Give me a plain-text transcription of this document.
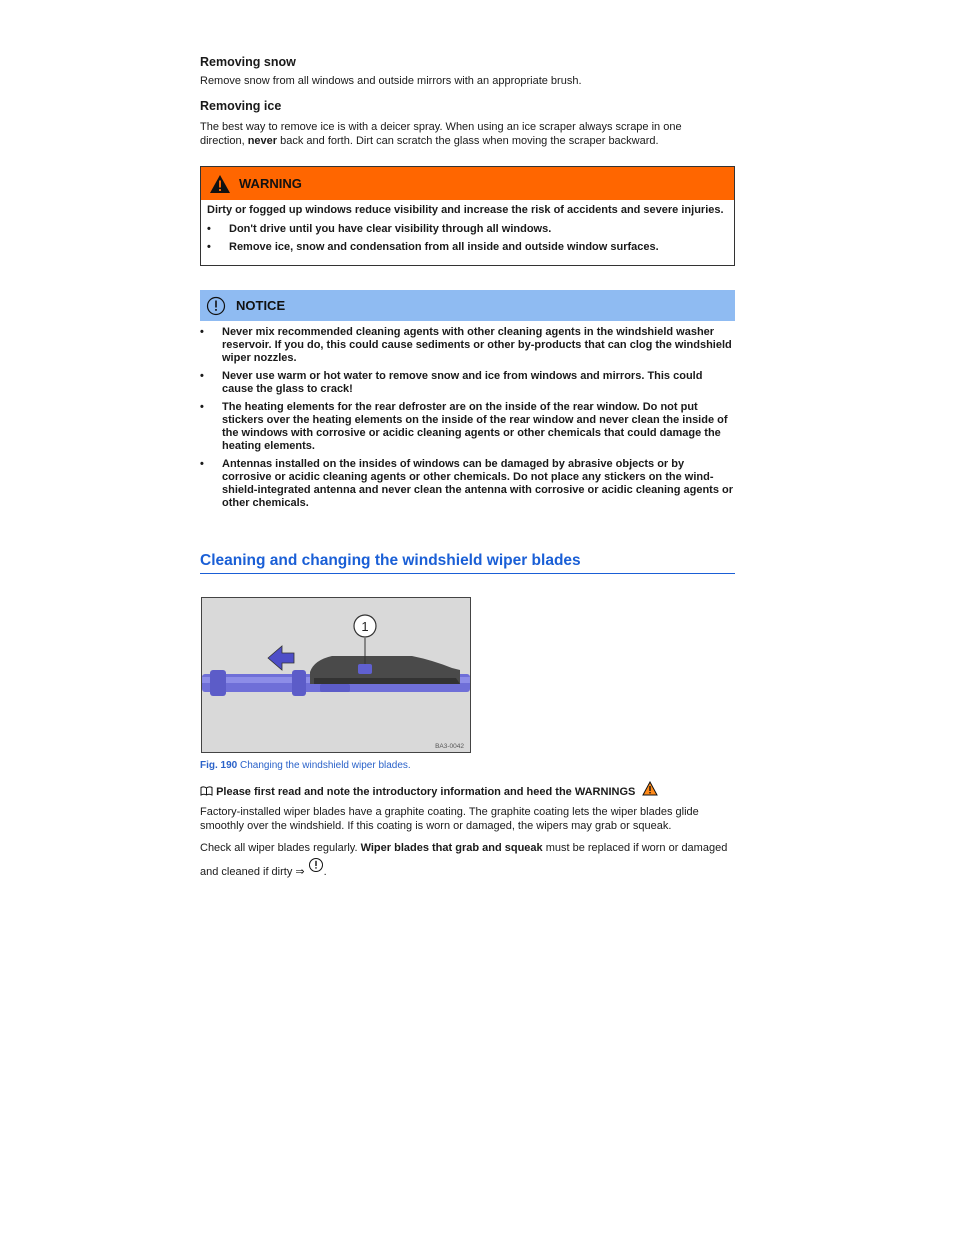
Removing snow

Remove snow from all windows and outside mirrors with an appropriate brush.

Removing ice

The best way to remove ice is with a deicer spray. When using an ice scraper always scrape in one direction, never back and forth. Dirt can scratch the glass when moving the scraper backward.

WARNING

Dirty or fogged up windows reduce visibility and increase the risk of accidents and severe injuries.

•	Don't drive until you have clear visibility through all windows.
•	Remove ice, snow and condensation from all inside and outside window surfaces.
NOTICE
•	Never mix recommended cleaning agents with other cleaning agents in the windshield washer reservoir. If you do, this could cause sediments or other by-products that can clog the windshield wiper nozzles.
•	Never use warm or hot water to remove snow and ice from windows and mirrors. This could cause the glass to crack!
•	The heating elements for the rear defroster are on the inside of the rear window. Do not put stickers over the heating elements on the inside of the rear window and never clean the inside of the windows with corrosive or acidic cleaning agents or other chemicals that could damage the heating elements.
•	Antennas installed on the insides of windows can be damaged by abrasive objects or by corrosive or acidic cleaning agents or other chemicals. Do not place any stickers on the wind-shield-integrated antenna and never clean the antenna with corrosive or acidic cleaning agents or other chemicals.
Cleaning and changing the windshield wiper blades
1
BA3-0042
Fig. 190 Changing the windshield wiper blades.

Please first read and note the introductory information and heed the WARNINGS

Factory-installed wiper blades have a graphite coating. The graphite coating lets the wiper blades glide smoothly over the windshield. If this coating is worn or damaged, the wipers may grab or squeak.

Check all wiper blades regularly. Wiper blades that grab and squeak must be replaced if worn or damaged and cleaned if dirty ⇒ .
